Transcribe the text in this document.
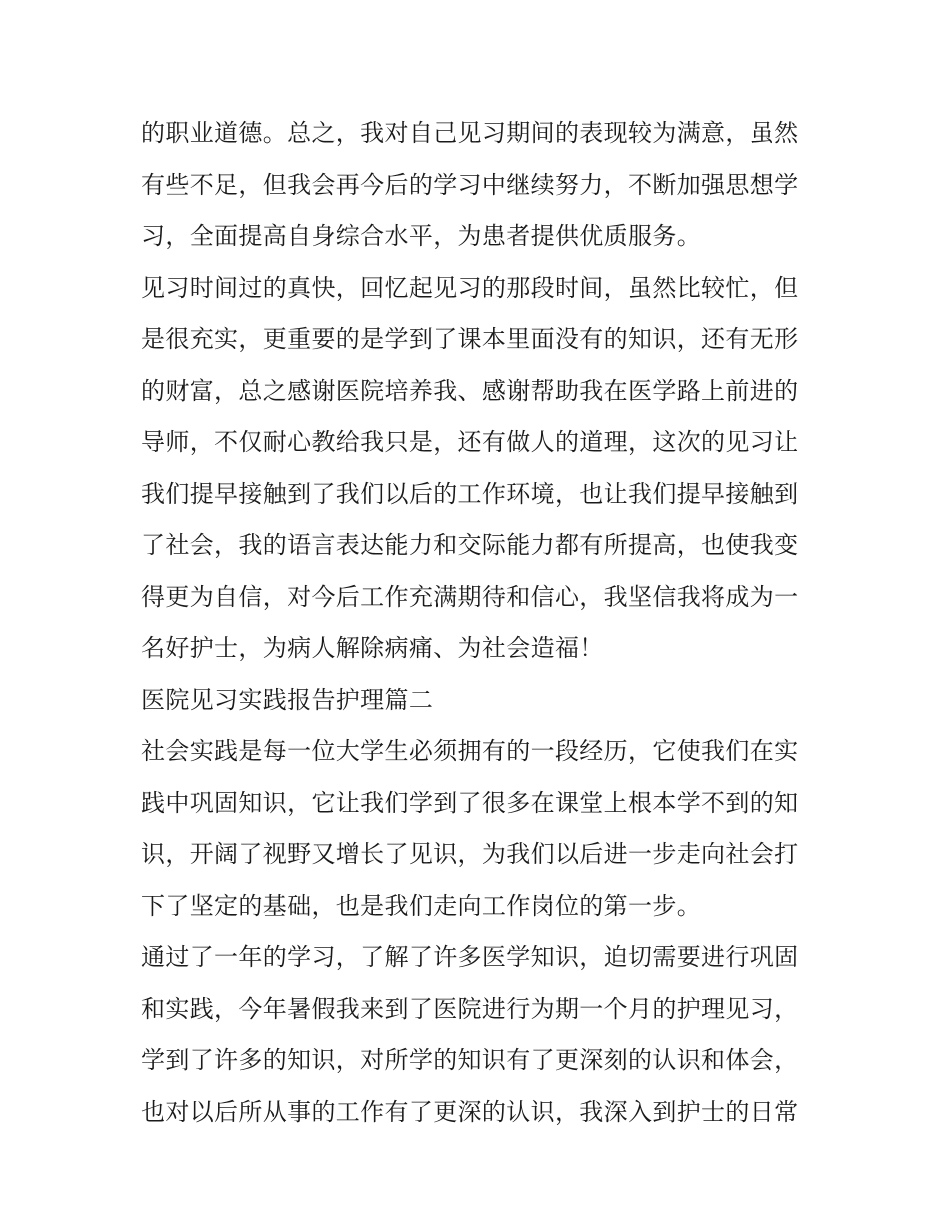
的职业道德。总之，我对自己见习期间的表现较为满意，虽然
有些不足，但我会再今后的学习中继续努力，不断加强思想学
习，全面提高自身综合水平，为患者提供优质服务。
见习时间过的真快，回忆起见习的那段时间，虽然比较忙，但
是很充实，更重要的是学到了课本里面没有的知识，还有无形
的财富，总之感谢医院培养我、感谢帮助我在医学路上前进的
导师，不仅耐心教给我只是，还有做人的道理，这次的见习让
我们提早接触到了我们以后的工作环境，也让我们提早接触到
了社会，我的语言表达能力和交际能力都有所提高，也使我变
得更为自信，对今后工作充满期待和信心，我坚信我将成为一
名好护士，为病人解除病痛、为社会造福！
医院见习实践报告护理篇二
社会实践是每一位大学生必须拥有的一段经历，它使我们在实
践中巩固知识，它让我们学到了很多在课堂上根本学不到的知
识，开阔了视野又增长了见识，为我们以后进一步走向社会打
下了坚定的基础，也是我们走向工作岗位的第一步。
通过了一年的学习，了解了许多医学知识，迫切需要进行巩固
和实践，今年暑假我来到了医院进行为期一个月的护理见习，
学到了许多的知识，对所学的知识有了更深刻的认识和体会，
也对以后所从事的工作有了更深的认识，我深入到护士的日常
